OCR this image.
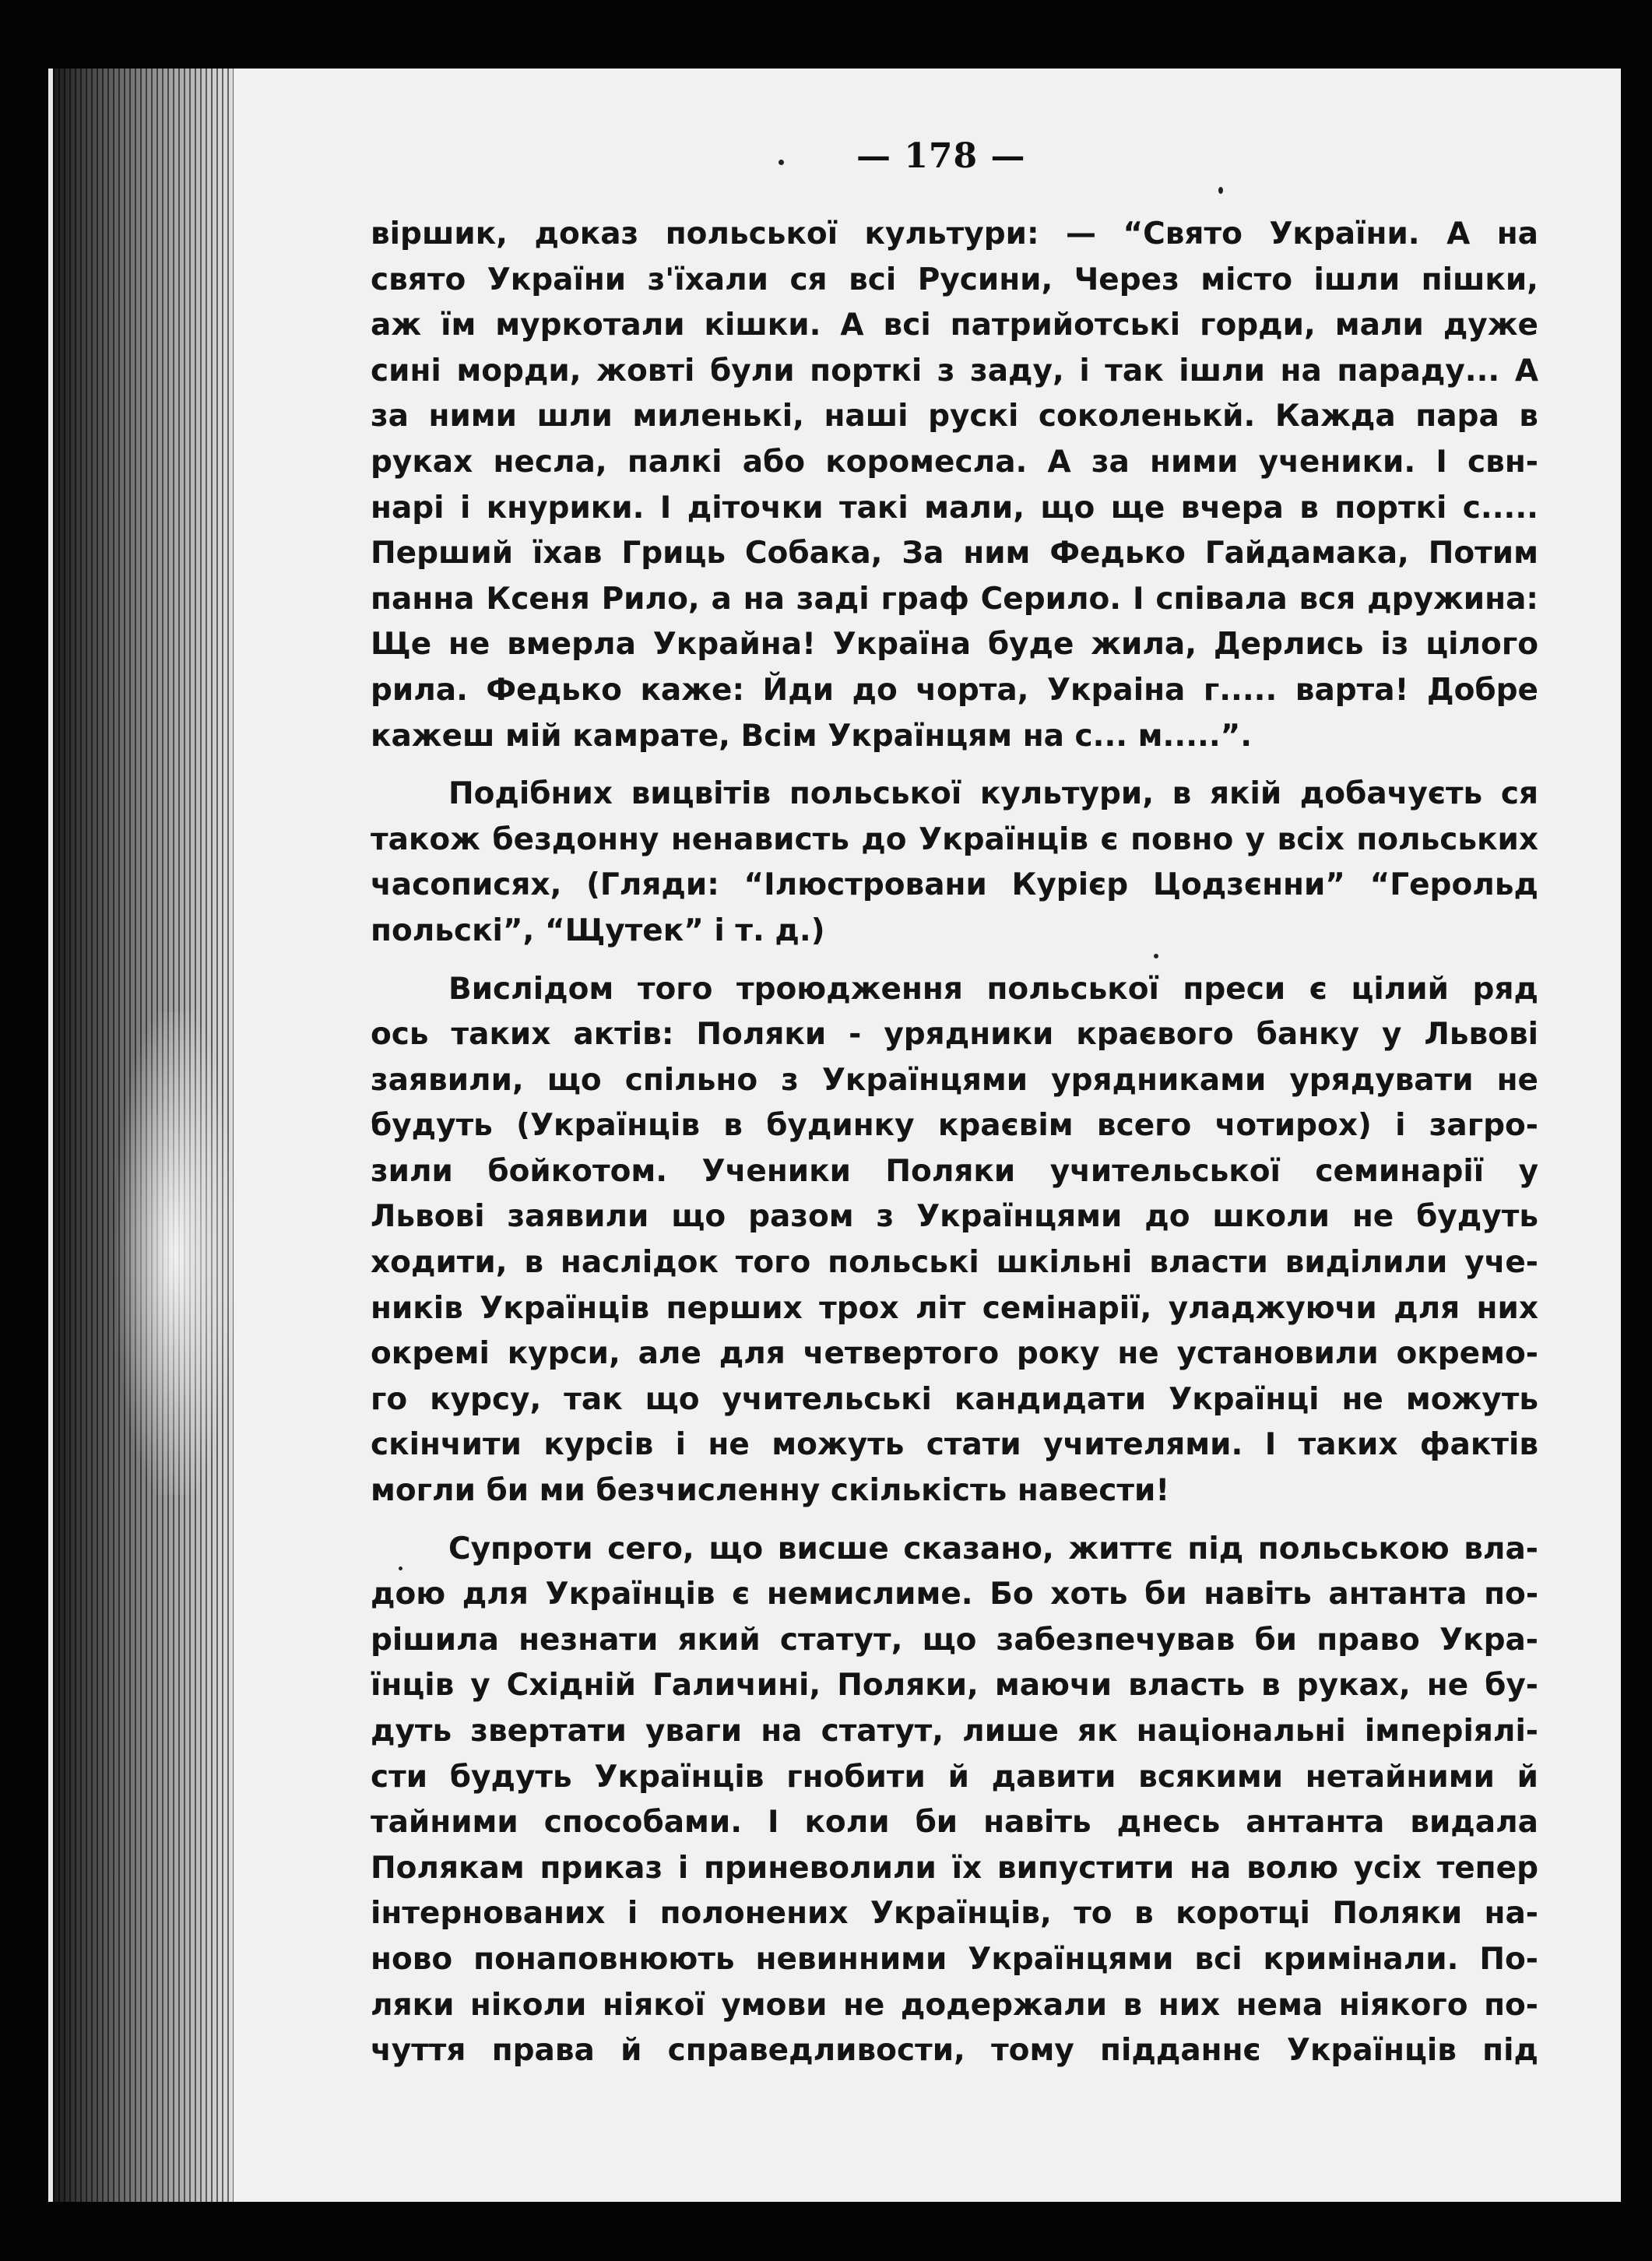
— 178 —
віршик, доказ польської культури: — “Свято України. А на
свято України з'їхали ся всі Русини, Через місто ішли пішки,
аж їм муркотали кішки. А всі патрийотські горди, мали дуже
сині морди, жовті були порткі з заду, і так ішли на параду... А
за ними шли миленькі, наші рускі соколенькй. Кажда пара в
руках несла, палкі або коромесла. А за ними ученики. І свн-
нарі і кнурики. І діточки такі мали, що ще вчера в порткі с.....
Перший їхав Гриць Собака, За ним Федько Гайдамака, Потим
панна Ксеня Рило, а на заді граф Серило. І співала вся дружина:
Ще не вмерла Украйна! Україна буде жила, Дерлись із цілого
рила. Федько каже: Йди до чорта, Украіна г..... варта! Добре
кажеш мій камрате, Всім Українцям на с... м.....”.
Подібних вицвітів польської культури, в якій добачуєть ся
також бездонну ненависть до Українців є повно у всіх польських
часописях, (Гляди: “Ілюстровани Курієр Цодзєнни” “Герольд
польскі”, “Щутек” і т. д.)
Вислідом того троюдження польської преси є цілий ряд
ось таких актів: Поляки - урядники краєвого банку у Львові
заявили, що спільно з Українцями урядниками урядувати не
будуть (Українців в будинку краєвім всего чотирох) і загро-
зили бойкотом. Ученики Поляки учительської семинарії у
Львові заявили що разом з Українцями до школи не будуть
ходити, в наслідок того польські шкільні власти виділили уче-
ників Українців перших трох літ семінарії, уладжуючи для них
окремі курси, але для четвертого року не установили окремо-
го курсу, так що учительські кандидати Українці не можуть
скінчити курсів і не можуть стати учителями. І таких фактів
могли би ми безчисленну скількість навести!
Супроти сего, що висше сказано, життє під польською вла-
дою для Українців є немислиме. Бо хоть би навіть антанта по-
рішила незнати який статут, що забезпечував би право Укра-
їнців у Східній Галичині, Поляки, маючи власть в руках, не бу-
дуть звертати уваги на статут, лише як національні імперіялі-
сти будуть Українців гнобити й давити всякими нетайними й
тайними способами. І коли би навіть днесь антанта видала
Полякам приказ і приневолили їх випустити на волю усіх тепер
інтернованих і полонених Українців, то в коротці Поляки на-
ново понаповнюють невинними Українцями всі кримінали. По-
ляки ніколи ніякої умови не додержали в них нема ніякого по-
чуття права й справедливости, тому підданнє Українців під
